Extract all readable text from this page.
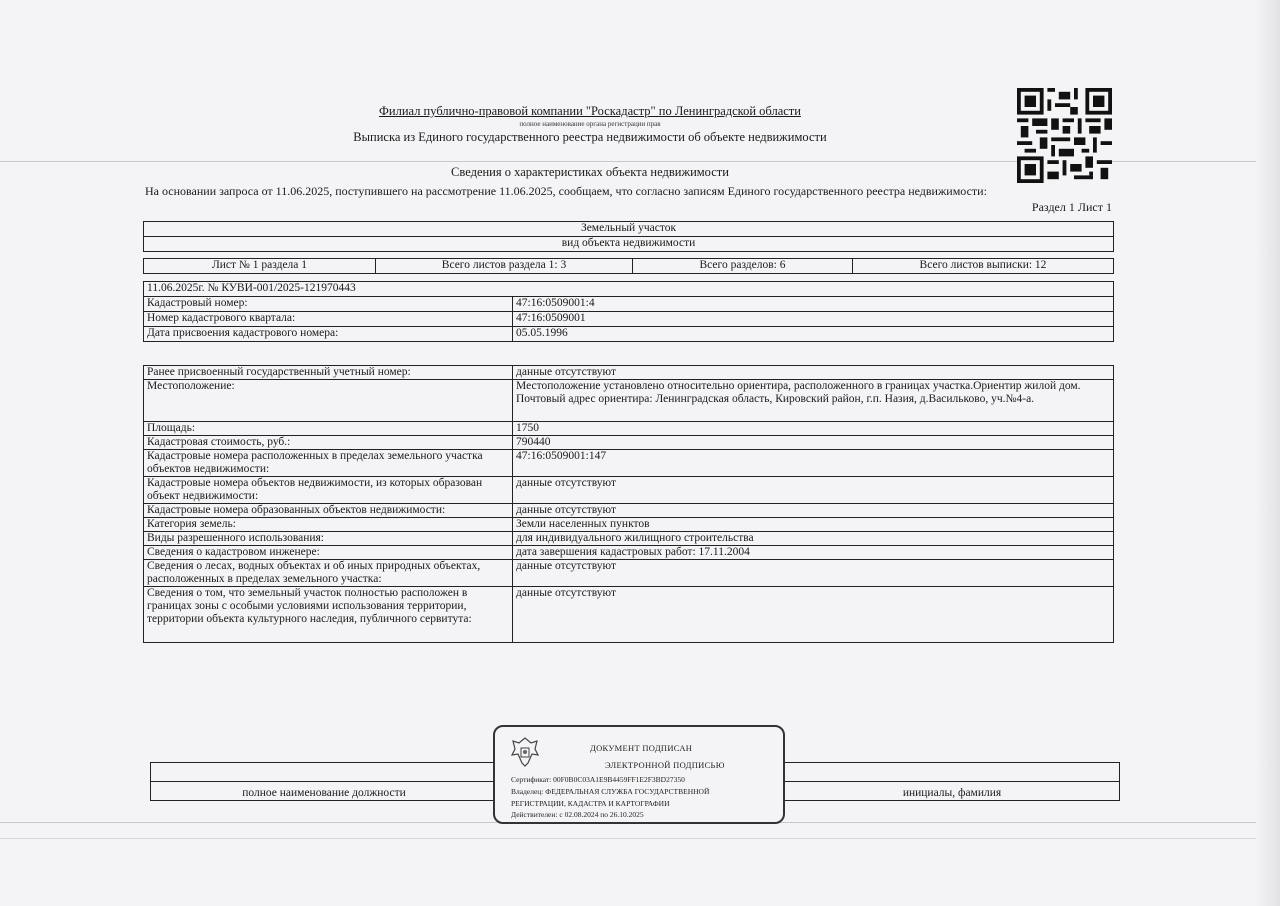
Филиал публично-правовой компании "Роскадастр" по Ленинградской области
полное наименование органа регистрации прав
Выписка из Единого государственного реестра недвижимости об объекте недвижимости
Сведения о характеристиках объекта недвижимости
На основании запроса от 11.06.2025, поступившего на рассмотрение 11.06.2025, сообщаем, что согласно записям Единого государственного реестра недвижимости:
Раздел 1 Лист 1
Земельный участок
вид объекта недвижимости
Лист № 1 раздела 1	Всего листов раздела 1: 3	Всего разделов: 6	Всего листов выписки: 12
11.06.2025г. № КУВИ-001/2025-121970443	
Кадастровый номер:	47:16:0509001:4
Номер кадастрового квартала:	47:16:0509001
Дата присвоения кадастрового номера:	05.05.1996
Ранее присвоенный государственный учетный номер:	данные отсутствуют
Местоположение:	Местоположение установлено относительно ориентира, расположенного в границах участка.Ориентир жилой дом. Почтовый адрес ориентира: Ленинградская область, Кировский район, г.п. Назия, д.Васильково, уч.№4-а.
Площадь:	1750
Кадастровая стоимость, руб.:	790440
Кадастровые номера расположенных в пределах земельного участка объектов недвижимости:	47:16:0509001:147
Кадастровые номера объектов недвижимости, из которых образован объект недвижимости:	данные отсутствуют
Кадастровые номера образованных объектов недвижимости:	данные отсутствуют
Категория земель:	Земли населенных пунктов
Виды разрешенного использования:	для индивидуального жилищного строительства
Сведения о кадастровом инженере:	дата завершения кадастровых работ: 17.11.2004
Сведения о лесах, водных объектах и об иных природных объектах, расположенных в пределах земельного участка:	данные отсутствуют
Сведения о том, что земельный участок полностью расположен в границах зоны с особыми условиями использования территории, территории объекта культурного наследия, публичного сервитута:	данные отсутствуют

полное наименование должности		инициалы, фамилия
ДОКУМЕНТ ПОДПИСАН
ЭЛЕКТРОННОЙ ПОДПИСЬЮ
Сертификат: 00F0B0C03A1E9B4459FF1E2F3BD27350
Владелец: ФЕДЕРАЛЬНАЯ СЛУЖБА ГОСУДАРСТВЕННОЙ
РЕГИСТРАЦИИ, КАДАСТРА И КАРТОГРАФИИ
Действителен: с 02.08.2024 по 26.10.2025
